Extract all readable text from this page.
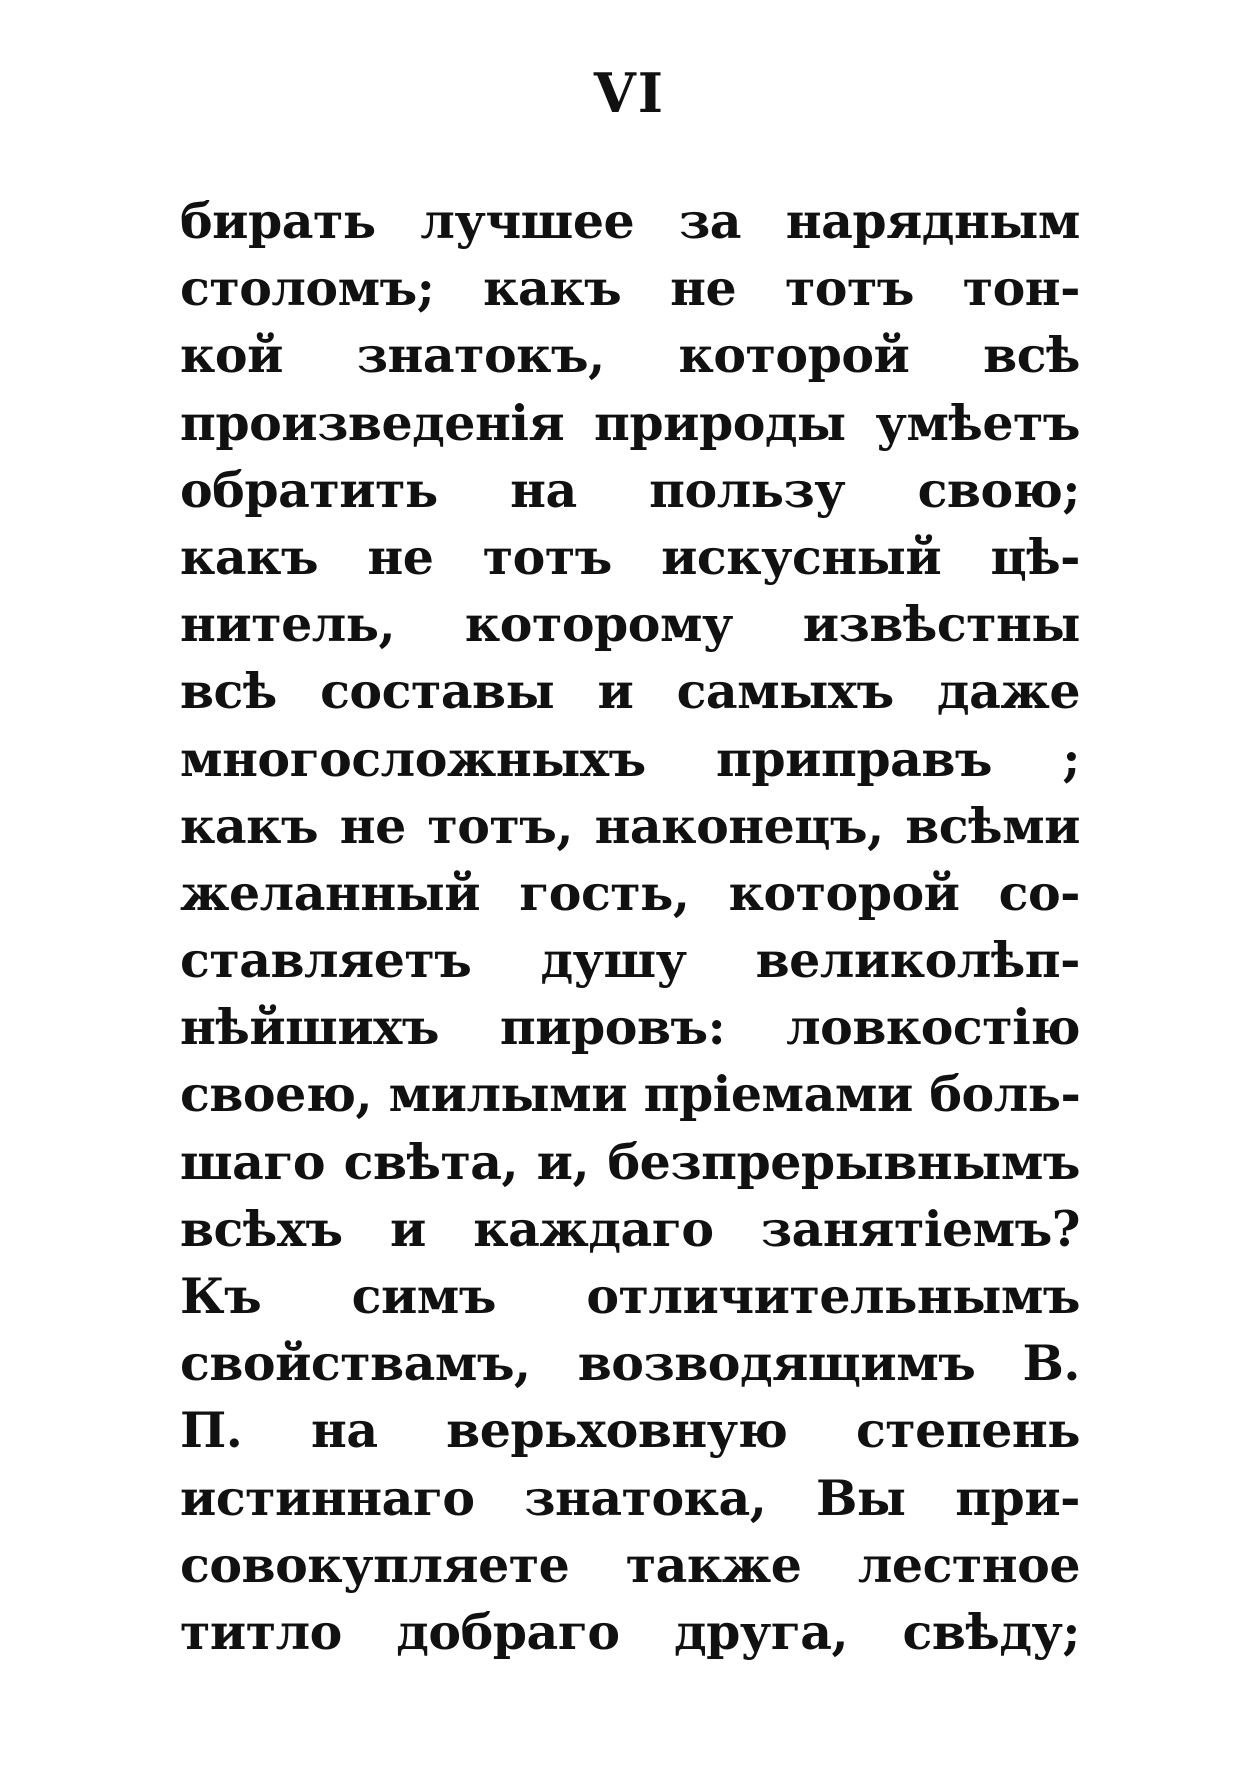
VI
бирать лучшее за нарядным
столомъ; какъ не тотъ тон-
кой знатокъ, которой всѣ
произведенiя природы умѣетъ
обратить на пользу свою;
какъ не тотъ искусный цѣ-
нитель, которому извѣстны
всѣ составы и самыхъ даже
многосложныхъ приправъ ;
какъ не тотъ, наконецъ, всѣми
желанный гость, которой со-
ставляетъ душу великолѣп-
нѣйшихъ пировъ: ловкостiю
своею, милыми прiемами боль-
шаго свѣта, и, безпрерывнымъ
всѣхъ и каждаго занятiемъ?
Къ симъ отличительнымъ
свойствамъ, возводящимъ В.
П. на верьховную степень
истиннаго знатока, Вы при-
совокупляете также лестное
титло добраго друга, свѣду;
